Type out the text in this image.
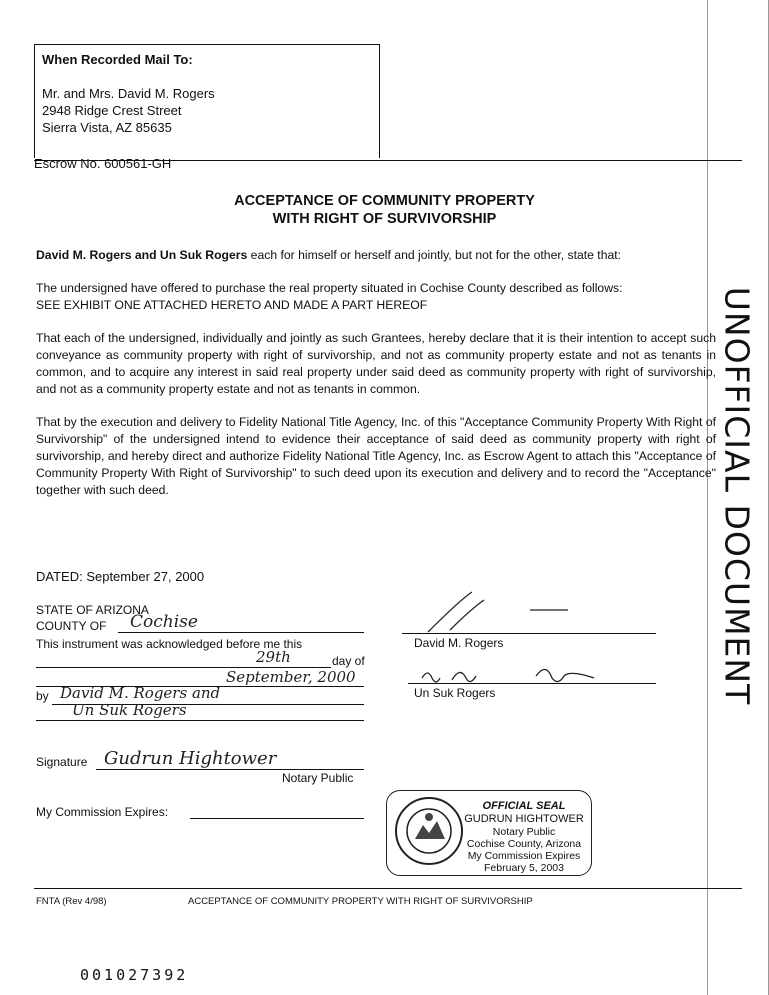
UNOFFICIAL DOCUMENT
When Recorded Mail To:
Mr. and Mrs. David M. Rogers
2948 Ridge Crest Street
Sierra Vista, AZ 85635
Escrow No. 600561-GH
ACCEPTANCE OF COMMUNITY PROPERTY
WITH RIGHT OF SURVIVORSHIP
David M. Rogers and Un Suk Rogers each for himself or herself and jointly, but not for the other, state that:
The undersigned have offered to purchase the real property situated in Cochise County described as follows:
SEE EXHIBIT ONE ATTACHED HERETO AND MADE A PART HEREOF
That each of the undersigned, individually and jointly as such Grantees, hereby declare that it is their intention to accept such conveyance as community property with right of survivorship, and not as community property estate and not as tenants in common, and to acquire any interest in said real property under said deed as community property with right of survivorship, and not as a community property estate and not as tenants in common.
That by the execution and delivery to Fidelity National Title Agency, Inc. of this "Acceptance Community Property With Right of Survivorship" of the undersigned intend to evidence their acceptance of said deed as community property with right of survivorship, and hereby direct and authorize Fidelity National Title Agency, Inc. as Escrow Agent to attach this "Acceptance of Community Property With Right of Survivorship" to such deed upon its execution and delivery and to record the "Acceptance" together with such deed.
DATED: September 27, 2000
STATE OF ARIZONA
COUNTY OF Cochise
This instrument was acknowledged before me this
29th	day of
September, 2000
by David M. Rogers and
Un Suk Rogers
Signature Gudrun Hightower
Notary Public
My Commission Expires:
David M. Rogers
Un Suk Rogers
OFFICIAL SEAL
GUDRUN HIGHTOWER
Notary Public
Cochise County, Arizona
My Commission Expires
February 5, 2003
FNTA (Rev 4/98)	ACCEPTANCE OF COMMUNITY PROPERTY WITH RIGHT OF SURVIVORSHIP
001027392
